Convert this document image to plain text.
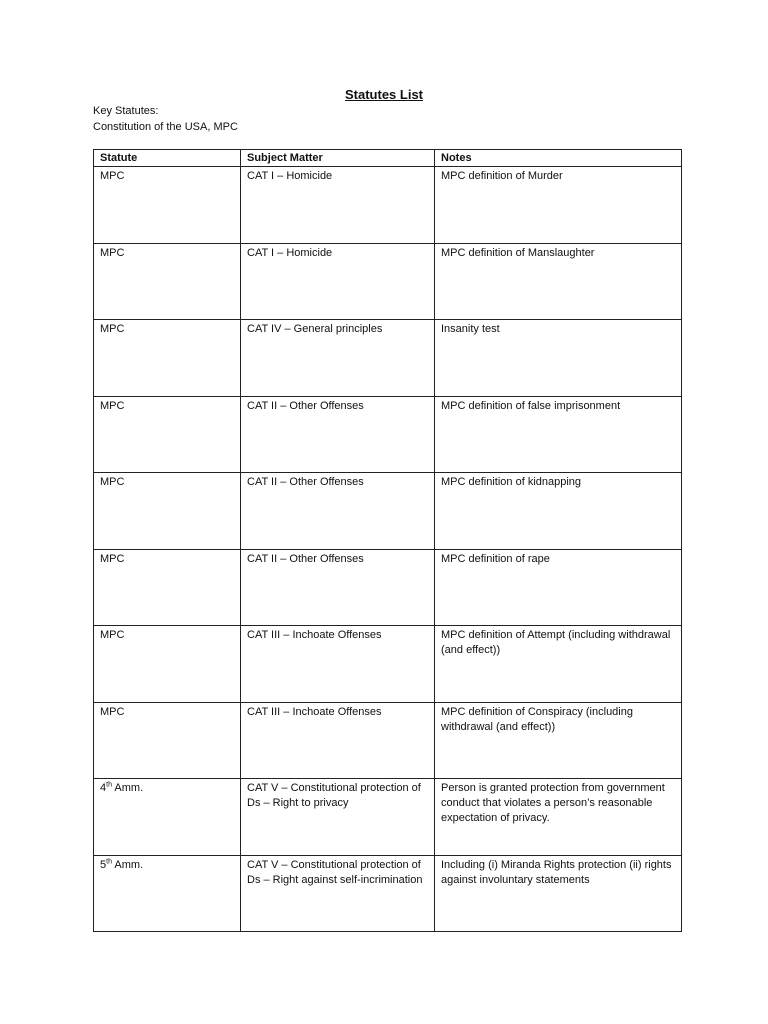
Statutes List
Key Statutes:
Constitution of the USA, MPC
Statute	Subject Matter	Notes
MPC	CAT I – Homicide	MPC definition of Murder
MPC	CAT I – Homicide	MPC definition of Manslaughter
MPC	CAT IV – General principles	Insanity test
MPC	CAT II – Other Offenses	MPC definition of false imprisonment
MPC	CAT II – Other Offenses	MPC definition of kidnapping
MPC	CAT II – Other Offenses	MPC definition of rape
MPC	CAT III – Inchoate Offenses	MPC definition of Attempt (including withdrawal (and effect))
MPC	CAT III – Inchoate Offenses	MPC definition of Conspiracy (including withdrawal (and effect))
4th Amm.	CAT V – Constitutional protection of Ds – Right to privacy	Person is granted protection from government conduct that violates a person’s reasonable expectation of privacy.
5th Amm.	CAT V – Constitutional protection of Ds – Right against self-incrimination	Including (i) Miranda Rights protection (ii) rights against involuntary statements
